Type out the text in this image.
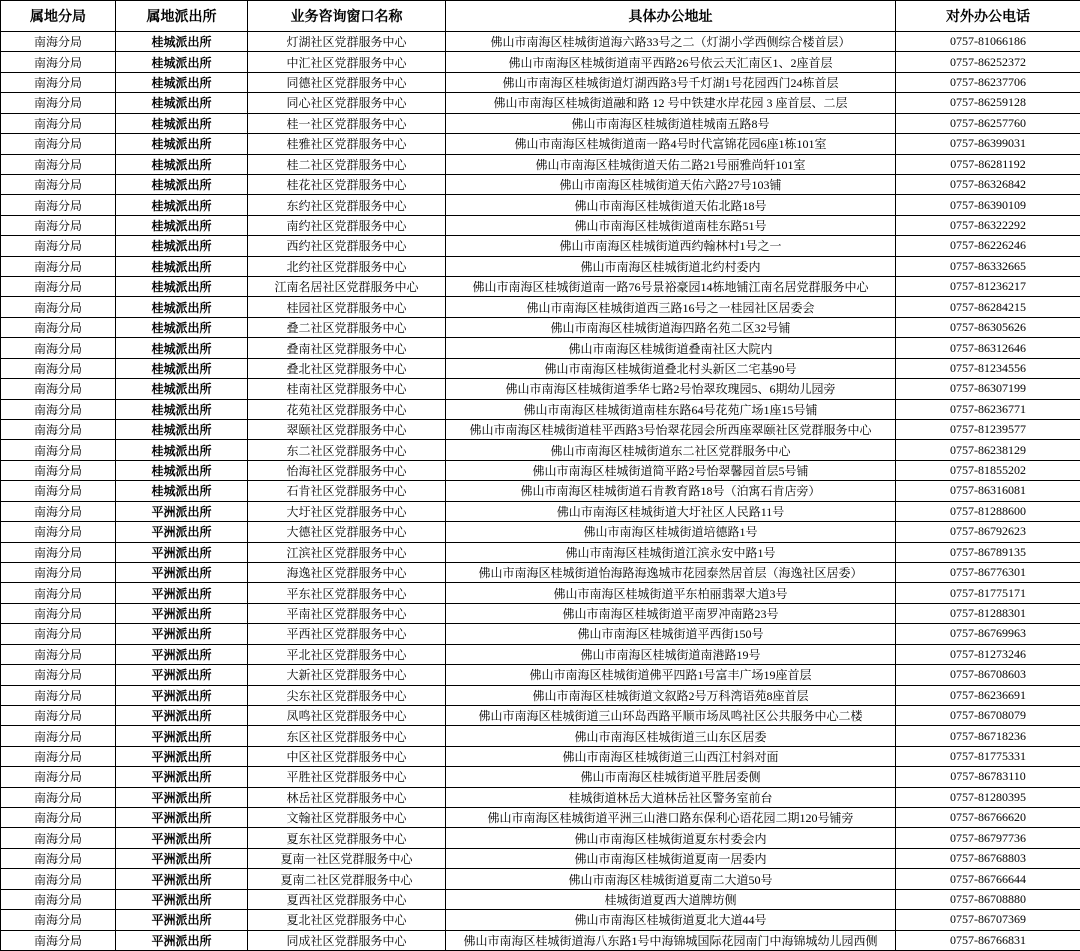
属地分局	属地派出所	业务咨询窗口名称	具体办公地址	对外办公电话
南海分局	桂城派出所	灯湖社区党群服务中心	佛山市南海区桂城街道海六路33号之二（灯湖小学西侧综合楼首层）	0757-81066186
南海分局	桂城派出所	中汇社区党群服务中心	佛山市南海区桂城街道南平西路26号依云天汇南区1、2座首层	0757-86252372
南海分局	桂城派出所	同德社区党群服务中心	佛山市南海区桂城街道灯湖西路3号千灯湖1号花园西门24栋首层	0757-86237706
南海分局	桂城派出所	同心社区党群服务中心	佛山市南海区桂城街道融和路 12 号中铁建水岸花园 3 座首层、二层	0757-86259128
南海分局	桂城派出所	桂一社区党群服务中心	佛山市南海区桂城街道桂城南五路8号	0757-86257760
南海分局	桂城派出所	桂雅社区党群服务中心	佛山市南海区桂城街道南一路4号时代富锦花园6座1栋101室	0757-86399031
南海分局	桂城派出所	桂二社区党群服务中心	佛山市南海区桂城街道天佑二路21号丽雅尚轩101室	0757-86281192
南海分局	桂城派出所	桂花社区党群服务中心	佛山市南海区桂城街道天佑六路27号103铺	0757-86326842
南海分局	桂城派出所	东约社区党群服务中心	佛山市南海区桂城街道天佑北路18号	0757-86390109
南海分局	桂城派出所	南约社区党群服务中心	佛山市南海区桂城街道南桂东路51号	0757-86322292
南海分局	桂城派出所	西约社区党群服务中心	佛山市南海区桂城街道西约翰林村1号之一	0757-86226246
南海分局	桂城派出所	北约社区党群服务中心	佛山市南海区桂城街道北约村委内	0757-86332665
南海分局	桂城派出所	江南名居社区党群服务中心	佛山市南海区桂城街道南一路76号景裕豪园14栋地铺江南名居党群服务中心	0757-81236217
南海分局	桂城派出所	桂园社区党群服务中心	佛山市南海区桂城街道西三路16号之一桂园社区居委会	0757-86284215
南海分局	桂城派出所	叠二社区党群服务中心	佛山市南海区桂城街道海四路名苑二区32号铺	0757-86305626
南海分局	桂城派出所	叠南社区党群服务中心	佛山市南海区桂城街道叠南社区大院内	0757-86312646
南海分局	桂城派出所	叠北社区党群服务中心	佛山市南海区桂城街道叠北村头新区二宅基90号	0757-81234556
南海分局	桂城派出所	桂南社区党群服务中心	佛山市南海区桂城街道季华七路2号怡翠玫瑰园5、6期幼儿园旁	0757-86307199
南海分局	桂城派出所	花苑社区党群服务中心	佛山市南海区桂城街道南桂东路64号花苑广场1座15号铺	0757-86236771
南海分局	桂城派出所	翠颐社区党群服务中心	佛山市南海区桂城街道桂平西路3号怡翠花园会所西座翠颐社区党群服务中心	0757-81239577
南海分局	桂城派出所	东二社区党群服务中心	佛山市南海区桂城街道东二社区党群服务中心	0757-86238129
南海分局	桂城派出所	怡海社区党群服务中心	佛山市南海区桂城街道简平路2号怡翠馨园首层5号铺	0757-81855202
南海分局	桂城派出所	石肯社区党群服务中心	佛山市南海区桂城街道石肯教育路18号（泊寓石肯店旁）	0757-86316081
南海分局	平洲派出所	大圩社区党群服务中心	佛山市南海区桂城街道大圩社区人民路11号	0757-81288600
南海分局	平洲派出所	大德社区党群服务中心	佛山市南海区桂城街道培德路1号	0757-86792623
南海分局	平洲派出所	江滨社区党群服务中心	佛山市南海区桂城街道江滨永安中路1号	0757-86789135
南海分局	平洲派出所	海逸社区党群服务中心	佛山市南海区桂城街道怡海路海逸城市花园泰然居首层（海逸社区居委）	0757-86776301
南海分局	平洲派出所	平东社区党群服务中心	佛山市南海区桂城街道平东柏丽翡翠大道3号	0757-81775171
南海分局	平洲派出所	平南社区党群服务中心	佛山市南海区桂城街道平南罗冲南路23号	0757-81288301
南海分局	平洲派出所	平西社区党群服务中心	佛山市南海区桂城街道平西街150号	0757-86769963
南海分局	平洲派出所	平北社区党群服务中心	佛山市南海区桂城街道南港路19号	0757-81273246
南海分局	平洲派出所	大新社区党群服务中心	佛山市南海区桂城街道佛平四路1号富丰广场19座首层	0757-86708603
南海分局	平洲派出所	尖东社区党群服务中心	佛山市南海区桂城街道文叙路2号万科湾语苑8座首层	0757-86236691
南海分局	平洲派出所	凤鸣社区党群服务中心	佛山市南海区桂城街道三山环岛西路平顺市场凤鸣社区公共服务中心二楼	0757-86708079
南海分局	平洲派出所	东区社区党群服务中心	佛山市南海区桂城街道三山东区居委	0757-86718236
南海分局	平洲派出所	中区社区党群服务中心	佛山市南海区桂城街道三山西江村斜对面	0757-81775331
南海分局	平洲派出所	平胜社区党群服务中心	佛山市南海区桂城街道平胜居委侧	0757-86783110
南海分局	平洲派出所	林岳社区党群服务中心	桂城街道林岳大道林岳社区警务室前台	0757-81280395
南海分局	平洲派出所	文翰社区党群服务中心	佛山市南海区桂城街道平洲三山港口路东保利心语花园二期120号铺旁	0757-86766620
南海分局	平洲派出所	夏东社区党群服务中心	佛山市南海区桂城街道夏东村委会内	0757-86797736
南海分局	平洲派出所	夏南一社区党群服务中心	佛山市南海区桂城街道夏南一居委内	0757-86768803
南海分局	平洲派出所	夏南二社区党群服务中心	佛山市南海区桂城街道夏南二大道50号	0757-86766644
南海分局	平洲派出所	夏西社区党群服务中心	桂城街道夏西大道牌坊侧	0757-86708880
南海分局	平洲派出所	夏北社区党群服务中心	佛山市南海区桂城街道夏北大道44号	0757-86707369
南海分局	平洲派出所	同成社区党群服务中心	佛山市南海区桂城街道海八东路1号中海锦城国际花园南门中海锦城幼儿园西侧	0757-86766831
